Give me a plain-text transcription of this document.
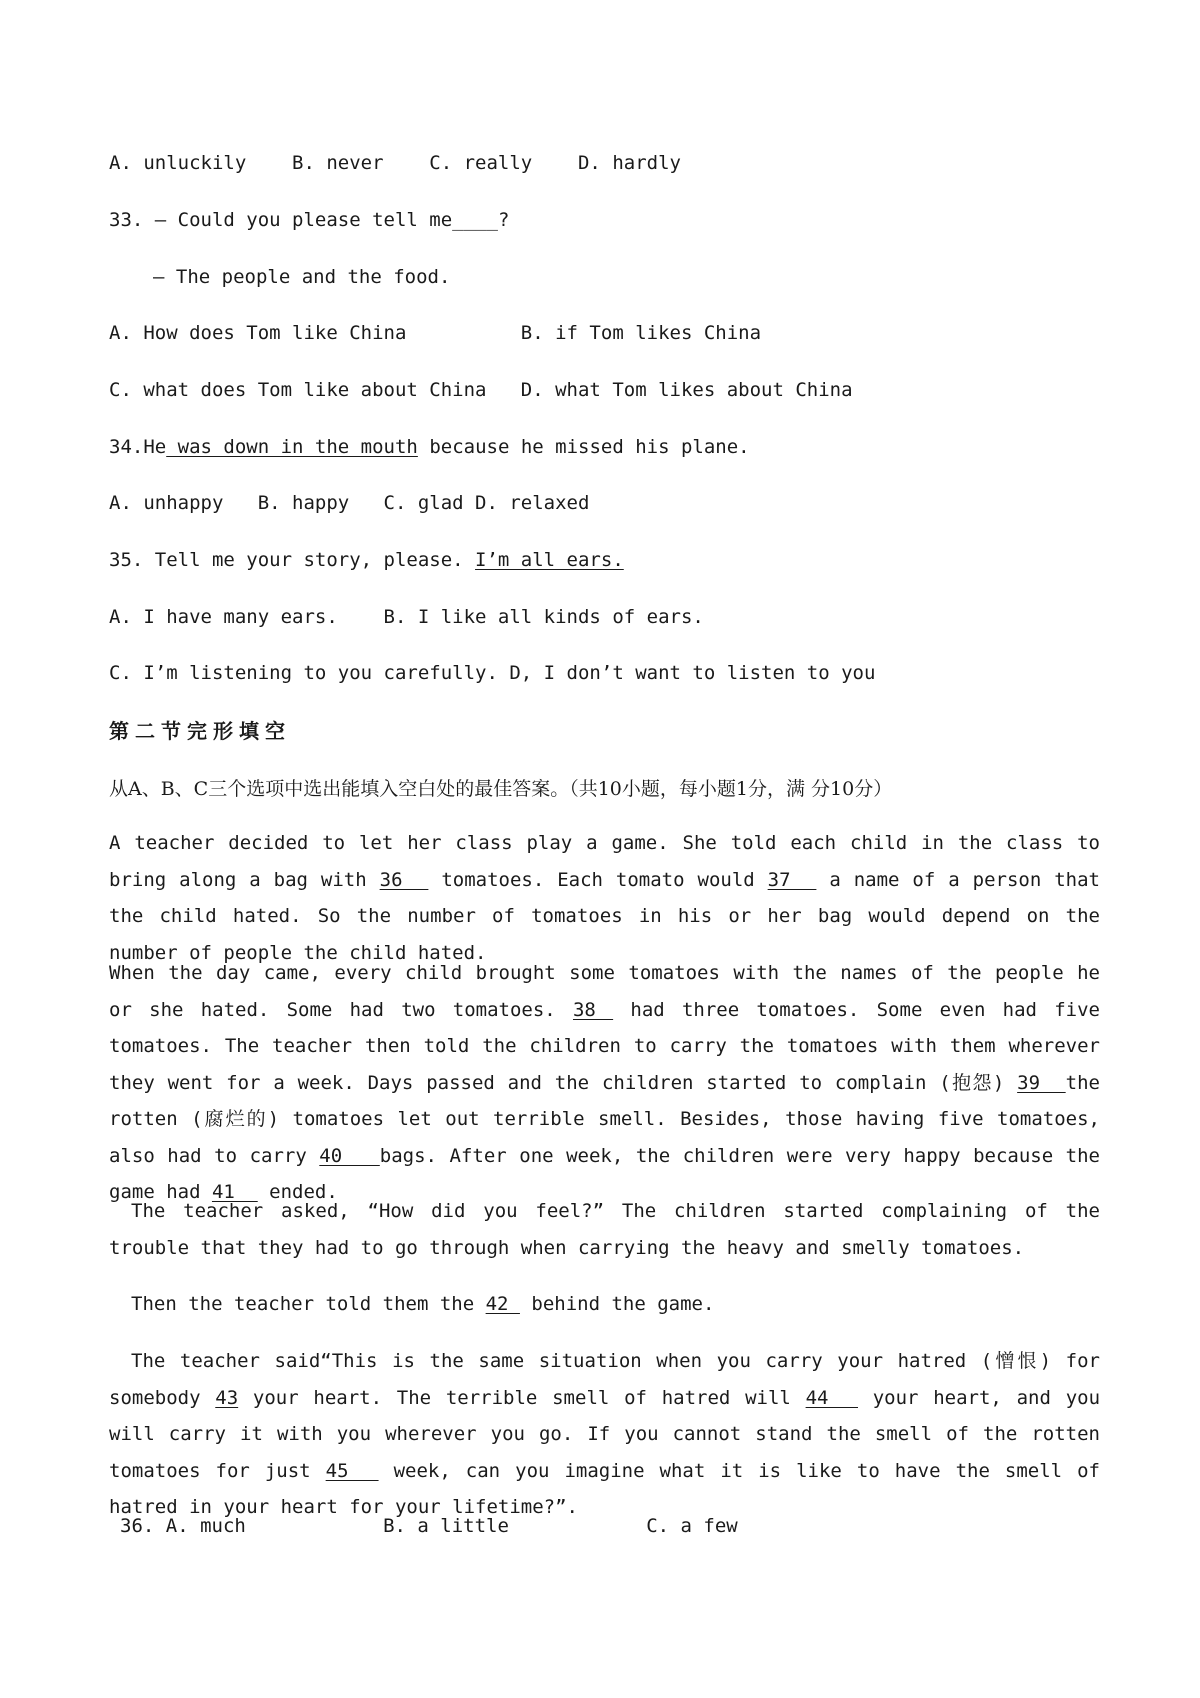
A. unluckily    B. never    C. really    D. hardly
33. — Could you please tell me____?
— The people and the food.
A. How does Tom like China          B. if Tom likes China
C. what does Tom like about China   D. what Tom likes about China
34.He was down in the mouth because he missed his plane.
A. unhappy   B. happy   C. glad D. relaxed
35. Tell me your story, please. I’m all ears.
A. I have many ears.    B. I like all kinds of ears.
C. I’m listening to you carefully. D, I don’t want to listen to you
第二节完形填空
从A、B、C三个选项中选出能填入空白处的最佳答案。（共10小题，每小题1分，满 分10分）
A teacher decided to let her class play a game. She told each child in the class to bring along a bag with 36   tomatoes. Each tomato would 37   a name of a person that the child hated. So the number of tomatoes in his or her bag would depend on the number of people the child hated.
When the day came, every child brought some tomatoes with the names of the people he or she hated. Some had two tomatoes. 38  had three tomatoes. Some even had five tomatoes. The teacher then told the children to carry the tomatoes with them wherever they went for a week. Days passed and the children started to complain (抱怨) 39  the rotten (腐烂的) tomatoes let out terrible smell. Besides, those having five tomatoes, also had to carry 40   bags. After one week, the children were very happy because the game had 41   ended.
The teacher asked, “How did you feel?” The children started complaining of the trouble that they had to go through when carrying the heavy and smelly tomatoes.
Then the teacher told them the 42  behind the game.
The teacher said“This is the same situation when you carry your hatred (憎恨) for somebody 43 your heart. The terrible smell of hatred will 44   your heart, and you will carry it with you wherever you go. If you cannot stand the smell of the rotten tomatoes for just 45   week, can you imagine what it is like to have the smell of hatred in your heart for your lifetime?”.
36. A. much            B. a little            C. a few
